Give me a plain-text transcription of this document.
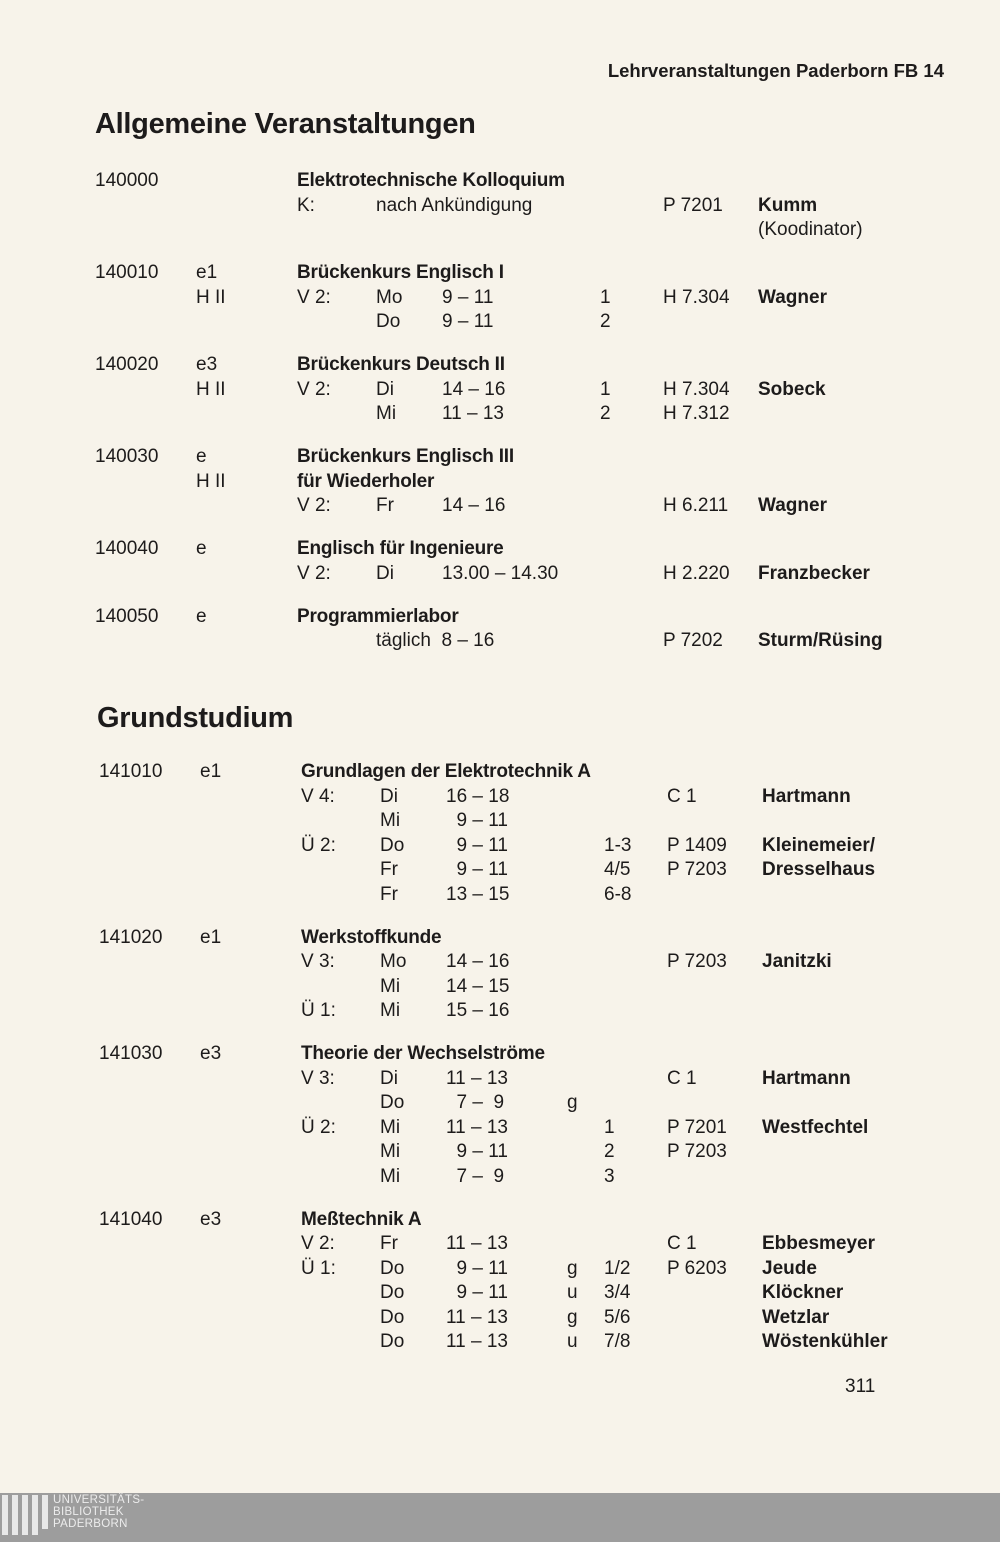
Lehrveranstaltungen Paderborn FB 14
Allgemeine Veranstaltungen
140000	Elektrotechnische Kolloquium
K:	nach Ankündigung	P 7201 Kumm
(Koodinator)
140010 e1	Brückenkurs Englisch I
H II	V 2: Mo 9 – 11	1	H 7.304 Wagner
Do 9 – 11	2
140020 e3	Brückenkurs Deutsch II
H II	V 2: Di	14 – 16	1	H 7.304 Sobeck
Mi 11 – 13	2	H 7.312
140030 e	Brückenkurs Englisch III
H II	für Wiederholer
V 2: Fr	14 – 16	H 6.211 Wagner
140040 e	Englisch für Ingenieure
V 2: Di	13.00 – 14.30	H 2.220 Franzbecker
140050 e	Programmierlabor
täglich  8 – 16	P 7202 Sturm/Rüsing
Grundstudium
141010 e1	Grundlagen der Elektrotechnik A
V 4: Di	16 – 18	C 1	Hartmann
Mi 9 – 11
Ü 2: Do 9 – 11	1-3 P 1409 Kleinemeier/
Fr	9 – 11	4/5 P 7203 Dresselhaus
Fr	13 – 15	6-8
141020 e1	Werkstoffkunde
V 3: Mo 14 – 16	P 7203 Janitzki
Mi 14 – 15
Ü 1: Mi 15 – 16
141030 e3	Theorie der Wechselströme
V 3: Di	11 – 13	C 1	Hartmann
Do 7 –  9	g
Ü 2: Mi 11 – 13	1	P 7201 Westfechtel
Mi 9 – 11	2	P 7203
Mi 7 –  9	3
141040 e3	Meßtechnik A
V 2: Fr	11 – 13	C 1	Ebbesmeyer
Ü 1: Do 9 – 11	g 1/2 P 6203 Jeude
Do 9 – 11	u 3/4	Klöckner
Do 11 – 13	g 5/6	Wetzlar
Do 11 – 13	u 7/8	Wöstenkühler
311
UNIVERSITÄTS-
BIBLIOTHEK
PADERBORN
